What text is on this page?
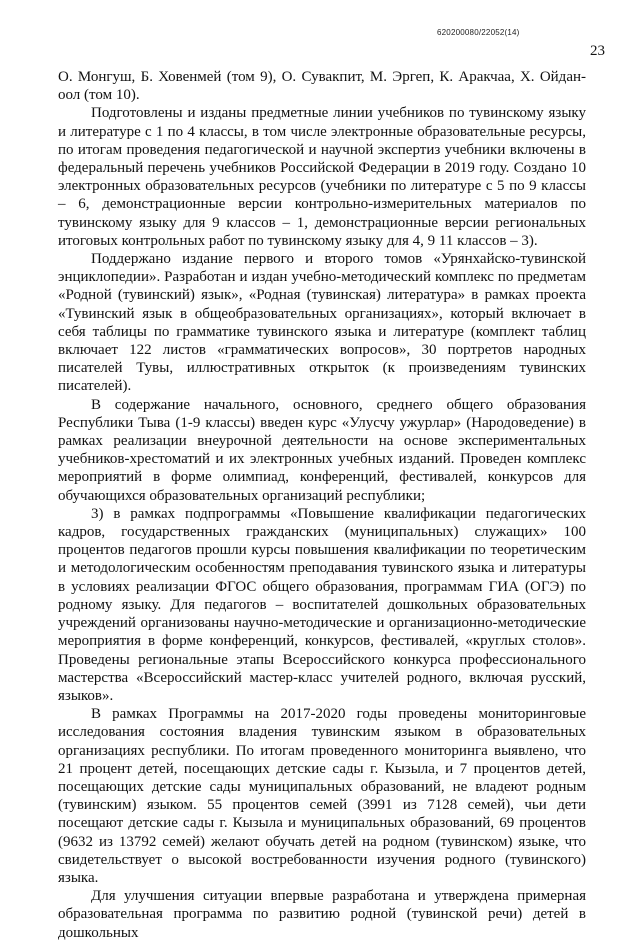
620200080/22052(14)
23

О. Монгуш, Б. Ховенмей (том 9), О. Сувакпит, М. Эргеп, К. Аракчаа, Х. Ойдан-оол (том 10).

Подготовлены и изданы предметные линии учебников по тувинскому языку и литературе с 1 по 4 классы, в том числе электронные образовательные ресурсы, по итогам проведения педагогической и научной экспертиз учебники включены в федеральный перечень учебников Российской Федерации в 2019 году. Создано 10 электронных образовательных ресурсов (учебники по литературе с 5 по 9 классы – 6, демонстрационные версии контрольно-измерительных материалов по тувинскому языку для 9 классов – 1, демонстрационные версии региональных итоговых контрольных работ по тувинскому языку для 4, 9 11 классов – 3).

Поддержано издание первого и второго томов «Урянхайско-тувинской энциклопедии». Разработан и издан учебно-методический комплекс по предметам «Родной (тувинский) язык», «Родная (тувинская) литература» в рамках проекта «Тувинский язык в общеобразовательных организациях», который включает в себя таблицы по грамматике тувинского языка и литературе (комплект таблиц включает 122 листов «грамматических вопросов», 30 портретов народных писателей Тувы, иллюстративных открыток (к произведениям тувинских писателей).

В содержание начального, основного, среднего общего образования Республики Тыва (1-9 классы) введен курс «Улусчу ужурлар» (Народоведение) в рамках реализации внеурочной деятельности на основе экспериментальных учебников-хрестоматий и их электронных учебных изданий. Проведен комплекс мероприятий в форме олимпиад, конференций, фестивалей, конкурсов для обучающихся образовательных организаций республики;

3) в рамках подпрограммы «Повышение квалификации педагогических кадров, государственных гражданских (муниципальных) служащих» 100 процентов педагогов прошли курсы повышения квалификации по теоретическим и методологическим особенностям преподавания тувинского языка и литературы в условиях реализации ФГОС общего образования, программам ГИА (ОГЭ) по родному языку. Для педагогов – воспитателей дошкольных образовательных учреждений организованы научно-методические и организационно-методические мероприятия в форме конференций, конкурсов, фестивалей, «круглых столов». Проведены региональные этапы Всероссийского конкурса профессионального мастерства «Всероссийский мастер-класс учителей родного, включая русский, языков».

В рамках Программы на 2017-2020 годы проведены мониторинговые исследования состояния владения тувинским языком в образовательных организациях республики. По итогам проведенного мониторинга выявлено, что 21 процент детей, посещающих детские сады г. Кызыла, и 7 процентов детей, посещающих детские сады муниципальных образований, не владеют родным (тувинским) языком. 55 процентов семей (3991 из 7128 семей), чьи дети посещают детские сады г. Кызыла и муниципальных образований, 69 процентов (9632 из 13792 семей) желают обучать детей на родном (тувинском) языке, что свидетельствует о высокой востребованности изучения родного (тувинского) языка.

Для улучшения ситуации впервые разработана и утверждена примерная образовательная программа по развитию родной (тувинской речи) детей в дошкольных
